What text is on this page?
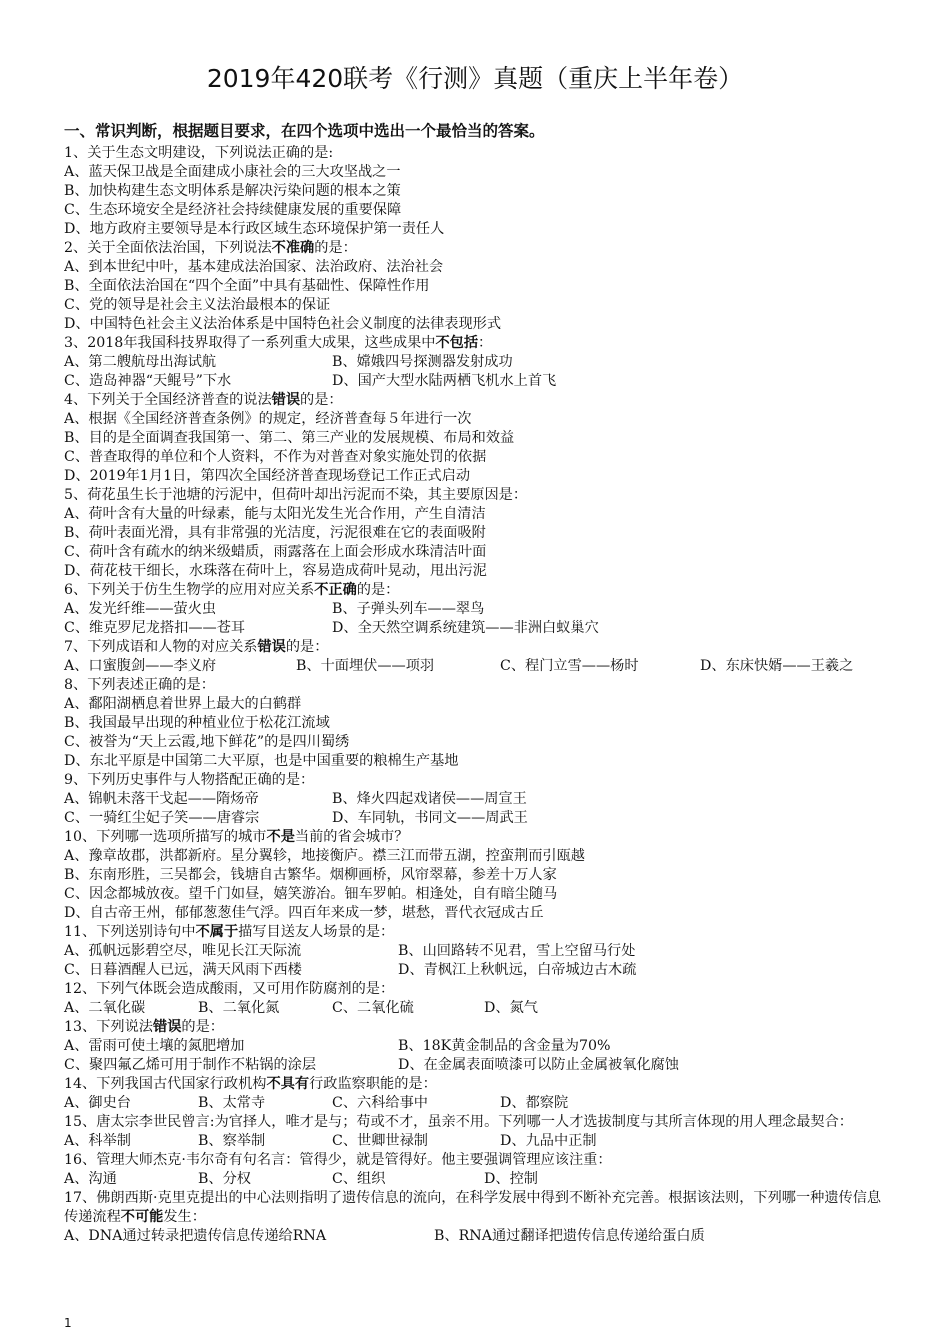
2019年420联考《行测》真题（重庆上半年卷）
一、常识判断，根据题目要求，在四个选项中选出一个最恰当的答案。
1、关于生态文明建设，下列说法正确的是:
A、蓝天保卫战是全面建成小康社会的三大攻坚战之一
B、加快构建生态文明体系是解决污染问题的根本之策
C、生态环境安全是经济社会持续健康发展的重要保障
D、地方政府主要领导是本行政区域生态环境保护第一责任人
2、关于全面依法治国，下列说法不准确的是：
A、到本世纪中叶，基本建成法治国家、法治政府、法治社会
B、全面依法治国在“四个全面”中具有基础性、保障性作用
C、党的领导是社会主义法治最根本的保证
D、中国特色社会主义法治体系是中国特色社会义制度的法律表现形式
3、2018年我国科技界取得了一系列重大成果，这些成果中不包括：
A、第二艘航母出海试航	B、嫦娥四号探测器发射成功
C、造岛神器“天鲲号”下水	D、国产大型水陆两栖飞机水上首飞
4、下列关于全国经济普查的说法错误的是：
A、根据《全国经济普查条例》的规定，经济普查每５年进行一次
B、目的是全面调查我国第一、第二、第三产业的发展规模、布局和效益
C、普查取得的单位和个人资料，不作为对普查对象实施处罚的依据
D、2019年1月1日，第四次全国经济普查现场登记工作正式启动
5、荷花虽生长于池塘的污泥中，但荷叶却出污泥而不染，其主要原因是：
A、荷叶含有大量的叶绿素，能与太阳光发生光合作用，产生自清洁
B、荷叶表面光滑，具有非常强的光洁度，污泥很难在它的表面吸附
C、荷叶含有疏水的纳米级蜡质，雨露落在上面会形成水珠清洁叶面
D、荷花枝干细长，水珠落在荷叶上，容易造成荷叶晃动，甩出污泥
6、下列关于仿生生物学的应用对应关系不正确的是：
A、发光纤维——萤火虫	B、子弹头列车——翠鸟
C、维克罗尼龙搭扣——苍耳	D、全天然空调系统建筑——非洲白蚁巢穴
7、下列成语和人物的对应关系错误的是：
A、口蜜腹剑——李义府	B、十面埋伏——项羽	C、程门立雪——杨时	D、东床快婿——王羲之
8、下列表述正确的是：
A、鄱阳湖栖息着世界上最大的白鹤群
B、我国最早出现的种植业位于松花江流域
C、被誉为“天上云霞,地下鲜花”的是四川蜀绣
D、东北平原是中国第二大平原，也是中国重要的粮棉生产基地
9、下列历史事件与人物搭配正确的是：
A、锦帆未落干戈起——隋炀帝	B、烽火四起戏诸侯——周宣王
C、一骑红尘妃子笑——唐睿宗	D、车同轨，书同文——周武王
10、下列哪一选项所描写的城市不是当前的省会城市？
A、豫章故郡，洪都新府。星分翼轸，地接衡庐。襟三江而带五湖，控蛮荆而引瓯越
B、东南形胜，三吴都会，钱塘自古繁华。烟柳画桥，风帘翠幕，参差十万人家
C、因念都城放夜。望千门如昼，嬉笑游冶。钿车罗帕。相逢处，自有暗尘随马
D、自古帝王州，郁郁葱葱佳气浮。四百年来成一梦，堪愁，晋代衣冠成古丘
11、下列送别诗句中不属于描写目送友人场景的是：
A、孤帆远影碧空尽，唯见长江天际流	B、山回路转不见君，雪上空留马行处
C、日暮酒醒人已远，满天风雨下西楼	D、青枫江上秋帆远，白帝城边古木疏
12、下列气体既会造成酸雨，又可用作防腐剂的是：
A、二氧化碳	B、二氧化氮	C、二氧化硫	D、氮气
13、下列说法错误的是：
A、雷雨可使土壤的氮肥增加	B、18K黄金制品的含金量为70%
C、聚四氟乙烯可用于制作不粘锅的涂层	D、在金属表面喷漆可以防止金属被氧化腐蚀
14、下列我国古代国家行政机构不具有行政监察职能的是：
A、御史台	B、太常寺	C、六科给事中	D、都察院
15、唐太宗李世民曾言:为官择人，唯才是与；苟或不才，虽亲不用。下列哪一人才选拔制度与其所言体现的用人理念最契合：
A、科举制	B、察举制	C、世卿世禄制	D、九品中正制
16、管理大师杰克·韦尔奇有句名言：管得少，就是管得好。他主要强调管理应该注重：
A、沟通	B、分权	C、组织	D、控制
17、佛朗西斯·克里克提出的中心法则指明了遗传信息的流向，在科学发展中得到不断补充完善。根据该法则，下列哪一种遗传信息传递流程不可能发生：
A、DNA通过转录把遗传信息传递给RNA	B、RNA通过翻译把遗传信息传递给蛋白质
1
